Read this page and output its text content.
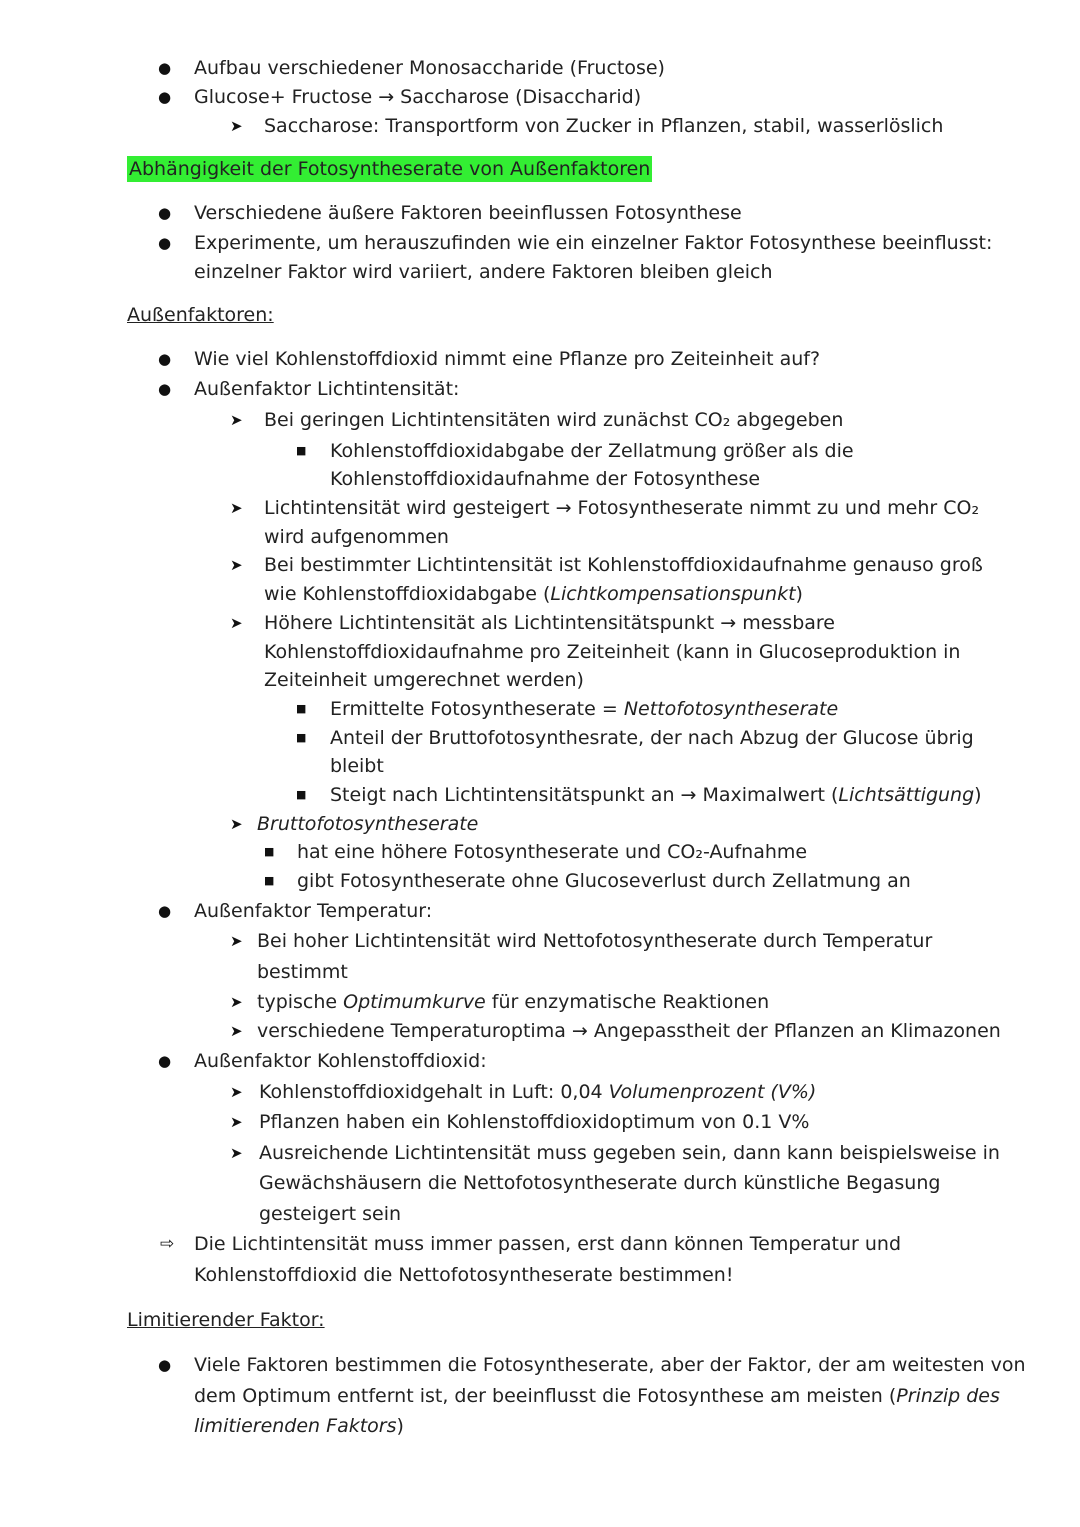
● Aufbau verschiedener Monosaccharide (Fructose)
● Glucose+ Fructose → Saccharose (Disaccharid)
➤ Saccharose: Transportform von Zucker in Pflanzen, stabil, wasserlöslich
Abhängigkeit der Fotosyntheserate von Außenfaktoren
● Verschiedene äußere Faktoren beeinflussen Fotosynthese
● Experimente, um herauszufinden wie ein einzelner Faktor Fotosynthese beeinflusst:
einzelner Faktor wird variiert, andere Faktoren bleiben gleich
Außenfaktoren:
● Wie viel Kohlenstoffdioxid nimmt eine Pflanze pro Zeiteinheit auf?
● Außenfaktor Lichtintensität:
➤ Bei geringen Lichtintensitäten wird zunächst CO₂ abgegeben
■ Kohlenstoffdioxidabgabe der Zellatmung größer als die
Kohlenstoffdioxidaufnahme der Fotosynthese
➤ Lichtintensität wird gesteigert → Fotosyntheserate nimmt zu und mehr CO₂
wird aufgenommen
➤ Bei bestimmter Lichtintensität ist Kohlenstoffdioxidaufnahme genauso groß
wie Kohlenstoffdioxidabgabe (Lichtkompensationspunkt)
➤ Höhere Lichtintensität als Lichtintensitätspunkt → messbare
Kohlenstoffdioxidaufnahme pro Zeiteinheit (kann in Glucoseproduktion in
Zeiteinheit umgerechnet werden)
■ Ermittelte Fotosyntheserate = Nettofotosyntheserate
■ Anteil der Bruttofotosynthesrate, der nach Abzug der Glucose übrig
bleibt
■ Steigt nach Lichtintensitätspunkt an → Maximalwert (Lichtsättigung)
➤ Bruttofotosyntheserate
■ hat eine höhere Fotosyntheserate und CO₂-Aufnahme
■ gibt Fotosyntheserate ohne Glucoseverlust durch Zellatmung an
● Außenfaktor Temperatur:
➤ Bei hoher Lichtintensität wird Nettofotosyntheserate durch Temperatur
bestimmt
➤ typische Optimumkurve für enzymatische Reaktionen
➤ verschiedene Temperaturoptima → Angepasstheit der Pflanzen an Klimazonen
● Außenfaktor Kohlenstoffdioxid:
➤ Kohlenstoffdioxidgehalt in Luft: 0,04 Volumenprozent (V%)
➤ Pflanzen haben ein Kohlenstoffdioxidoptimum von 0.1 V%
➤ Ausreichende Lichtintensität muss gegeben sein, dann kann beispielsweise in
Gewächshäusern die Nettofotosyntheserate durch künstliche Begasung
gesteigert sein
⇨ Die Lichtintensität muss immer passen, erst dann können Temperatur und
Kohlenstoffdioxid die Nettofotosyntheserate bestimmen!
Limitierender Faktor:
● Viele Faktoren bestimmen die Fotosyntheserate, aber der Faktor, der am weitesten von
dem Optimum entfernt ist, der beeinflusst die Fotosynthese am meisten (Prinzip des
limitierenden Faktors)
